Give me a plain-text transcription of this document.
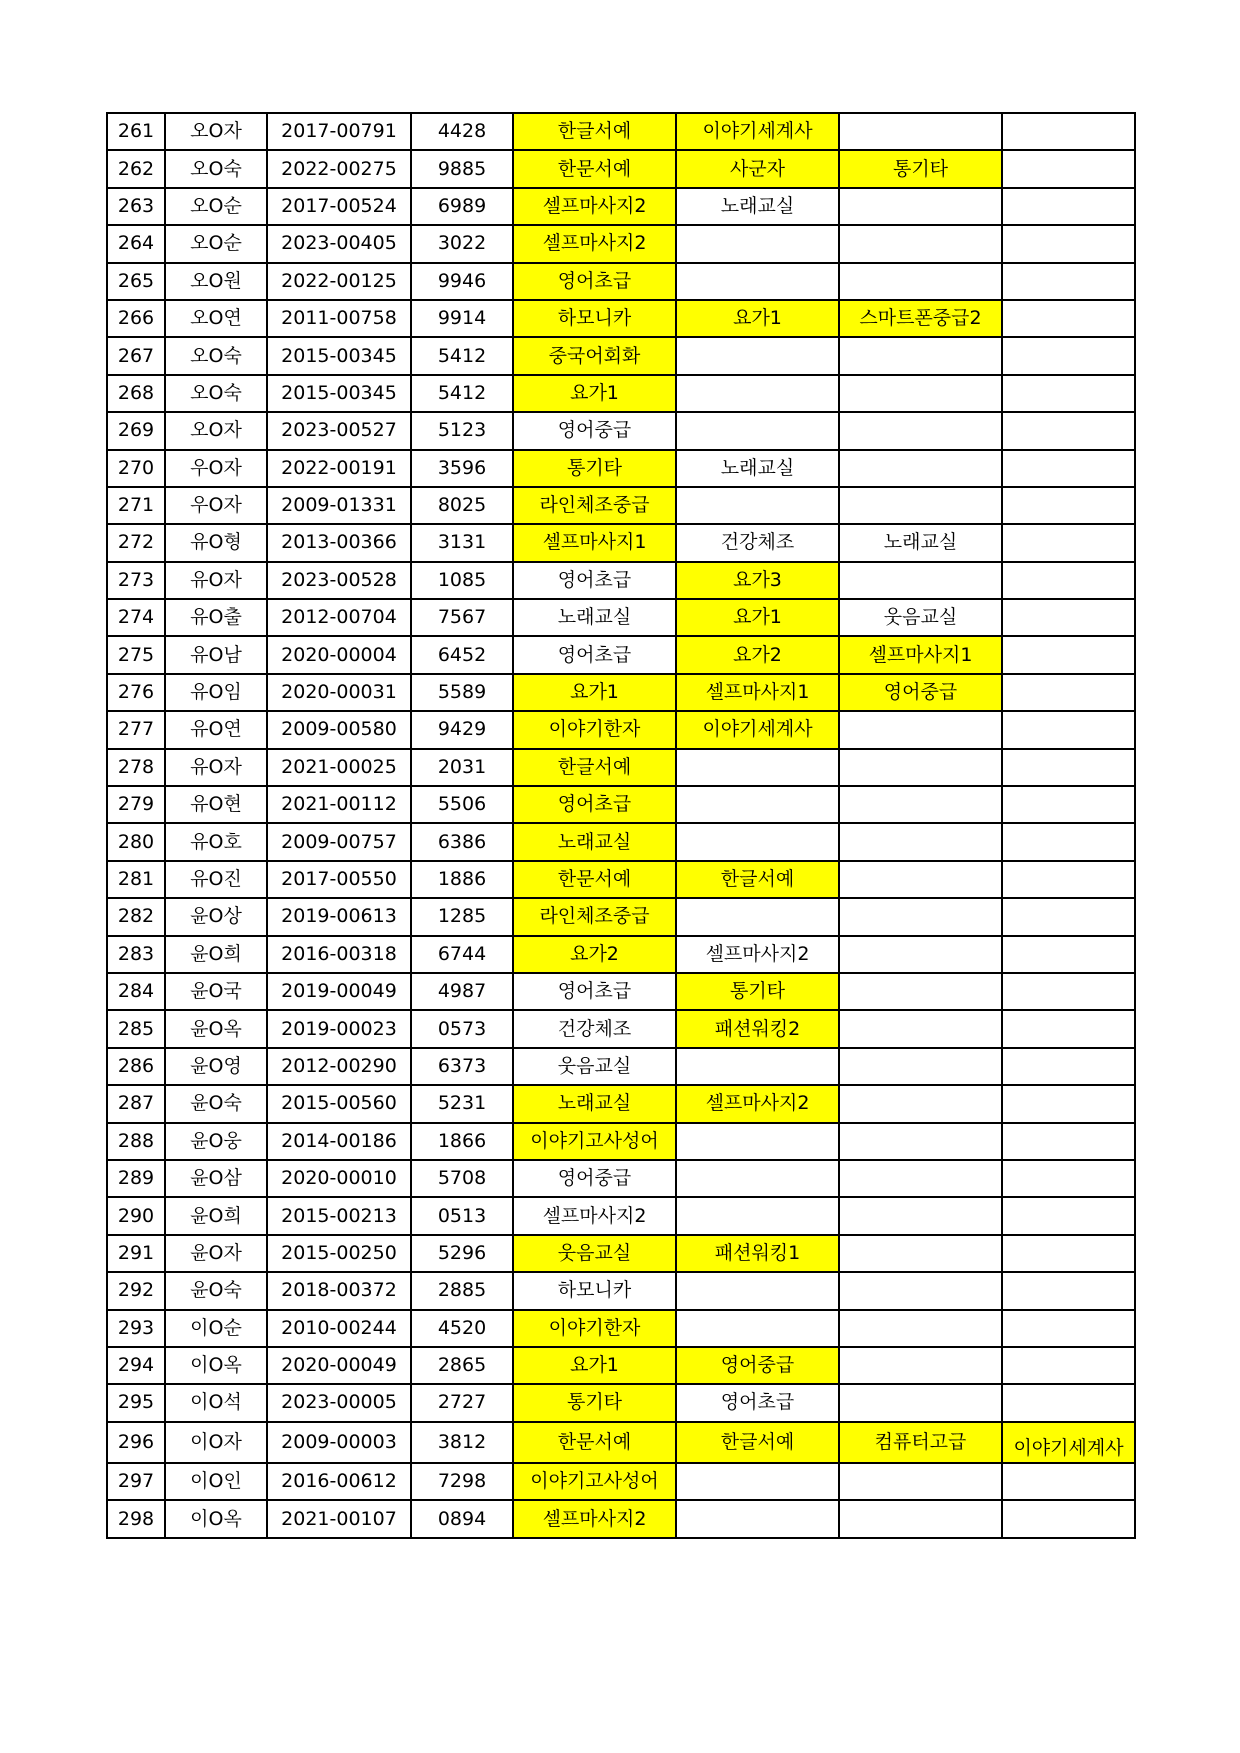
261	오O자	2017-00791	4428	한글서예	이야기세계사		
262	오O숙	2022-00275	9885	한문서예	사군자	통기타	
263	오O순	2017-00524	6989	셀프마사지2	노래교실		
264	오O순	2023-00405	3022	셀프마사지2			
265	오O원	2022-00125	9946	영어초급			
266	오O연	2011-00758	9914	하모니카	요가1	스마트폰중급2	
267	오O숙	2015-00345	5412	중국어회화			
268	오O숙	2015-00345	5412	요가1			
269	오O자	2023-00527	5123	영어중급			
270	우O자	2022-00191	3596	통기타	노래교실		
271	우O자	2009-01331	8025	라인체조중급			
272	유O형	2013-00366	3131	셀프마사지1	건강체조	노래교실	
273	유O자	2023-00528	1085	영어초급	요가3		
274	유O출	2012-00704	7567	노래교실	요가1	웃음교실	
275	유O남	2020-00004	6452	영어초급	요가2	셀프마사지1	
276	유O임	2020-00031	5589	요가1	셀프마사지1	영어중급	
277	유O연	2009-00580	9429	이야기한자	이야기세계사		
278	유O자	2021-00025	2031	한글서예			
279	유O현	2021-00112	5506	영어초급			
280	유O호	2009-00757	6386	노래교실			
281	유O진	2017-00550	1886	한문서예	한글서예		
282	윤O상	2019-00613	1285	라인체조중급			
283	윤O희	2016-00318	6744	요가2	셀프마사지2		
284	윤O국	2019-00049	4987	영어초급	통기타		
285	윤O옥	2019-00023	0573	건강체조	패션워킹2		
286	윤O영	2012-00290	6373	웃음교실			
287	윤O숙	2015-00560	5231	노래교실	셀프마사지2		
288	윤O웅	2014-00186	1866	이야기고사성어			
289	윤O삼	2020-00010	5708	영어중급			
290	윤O희	2015-00213	0513	셀프마사지2			
291	윤O자	2015-00250	5296	웃음교실	패션워킹1		
292	윤O숙	2018-00372	2885	하모니카			
293	이O순	2010-00244	4520	이야기한자			
294	이O옥	2020-00049	2865	요가1	영어중급		
295	이O석	2023-00005	2727	통기타	영어초급		
296	이O자	2009-00003	3812	한문서예	한글서예	컴퓨터고급	이야기세계사
297	이O인	2016-00612	7298	이야기고사성어			
298	이O옥	2021-00107	0894	셀프마사지2			
